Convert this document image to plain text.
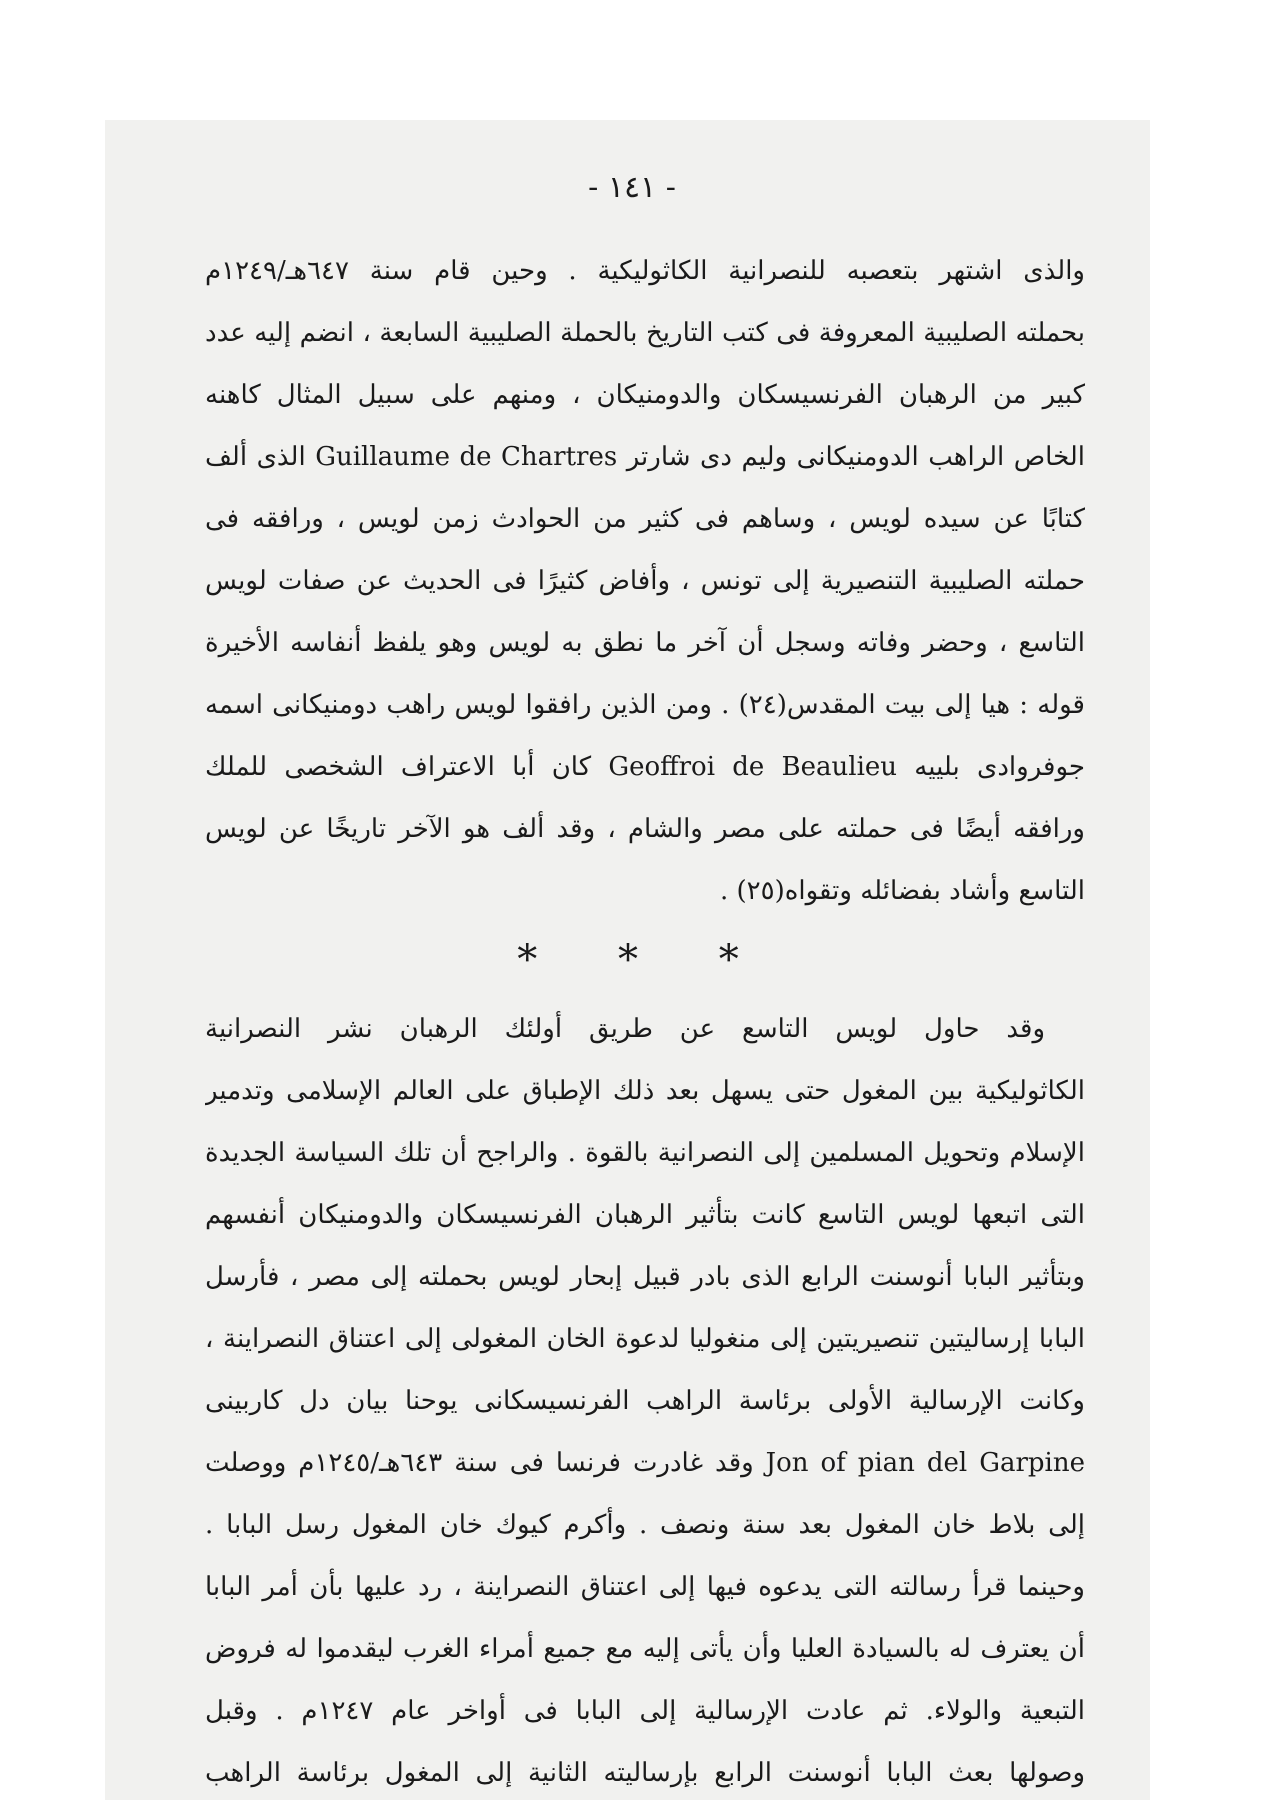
- ١٤١ -
والذى اشتهر بتعصبه للنصرانية الكاثوليكية . وحين قام سنة ٦٤٧هـ/١٢٤٩م
بحملته الصليبية المعروفة فى كتب التاريخ بالحملة الصليبية السابعة ، انضم إليه عدد
كبير من الرهبان الفرنسيسكان والدومنيكان ، ومنهم على سبيل المثال كاهنه
الخاص الراهب الدومنيكانى وليم دى شارتر Guillaume de Chartres الذى ألف
كتابًا عن سيده لويس ، وساهم فى كثير من الحوادث زمن لويس ، ورافقه فى
حملته الصليبية التنصيرية إلى تونس ، وأفاض كثيرًا فى الحديث عن صفات لويس
التاسع ، وحضر وفاته وسجل أن آخر ما نطق به لويس وهو يلفظ أنفاسه الأخيرة
قوله : هيا إلى بيت المقدس(٢٤) . ومن الذين رافقوا لويس راهب دومنيكانى اسمه
جوفروادى بلييه Geoffroi de Beaulieu كان أبا الاعتراف الشخصى للملك
ورافقه أيضًا فى حملته على مصر والشام ، وقد ألف هو الآخر تاريخًا عن لويس
التاسع وأشاد بفضائله وتقواه(٢٥) .
* * *
وقد حاول لويس التاسع عن طريق أولئك الرهبان نشر النصرانية
الكاثوليكية بين المغول حتى يسهل بعد ذلك الإطباق على العالم الإسلامى وتدمير
الإسلام وتحويل المسلمين إلى النصرانية بالقوة . والراجح أن تلك السياسة الجديدة
التى اتبعها لويس التاسع كانت بتأثير الرهبان الفرنسيسكان والدومنيكان أنفسهم
وبتأثير البابا أنوسنت الرابع الذى بادر قبيل إبحار لويس بحملته إلى مصر ، فأرسل
البابا إرساليتين تنصيريتين إلى منغوليا لدعوة الخان المغولى إلى اعتناق النصراينة ،
وكانت الإرسالية الأولى برئاسة الراهب الفرنسيسكانى يوحنا بيان دل كاربينى
Jon of pian del Garpine وقد غادرت فرنسا فى سنة ٦٤٣هـ/١٢٤٥م ووصلت
إلى بلاط خان المغول بعد سنة ونصف . وأكرم كيوك خان المغول رسل البابا .
وحينما قرأ رسالته التى يدعوه فيها إلى اعتناق النصراينة ، رد عليها بأن أمر البابا
أن يعترف له بالسيادة العليا وأن يأتى إليه مع جميع أمراء الغرب ليقدموا له فروض
التبعية والولاء. ثم عادت الإرسالية إلى البابا فى أواخر عام ١٢٤٧م . وقبل
وصولها بعث البابا أنوسنت الرابع بإرساليته الثانية إلى المغول برئاسة الراهب
